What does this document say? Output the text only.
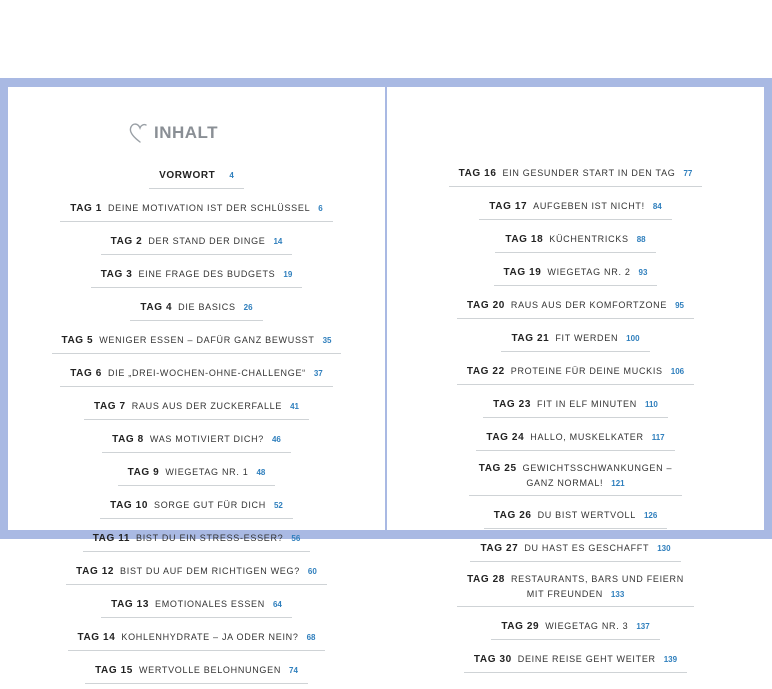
INHALT
VORWORT 4
TAG 1 DEINE MOTIVATION IST DER SCHLÜSSEL 6
TAG 2 DER STAND DER DINGE 14
TAG 3 EINE FRAGE DES BUDGETS 19
TAG 4 DIE BASICS 26
TAG 5 WENIGER ESSEN – DAFÜR GANZ BEWUSST 35
TAG 6 DIE „DREI-WOCHEN-OHNE-CHALLENGE“ 37
TAG 7 RAUS AUS DER ZUCKERFALLE 41
TAG 8 WAS MOTIVIERT DICH? 46
TAG 9 WIEGETAG NR. 1 48
TAG 10 SORGE GUT FÜR DICH 52
TAG 11 BIST DU EIN STRESS-ESSER? 56
TAG 12 BIST DU AUF DEM RICHTIGEN WEG? 60
TAG 13 EMOTIONALES ESSEN 64
TAG 14 KOHLENHYDRATE – JA ODER NEIN? 68
TAG 15 WERTVOLLE BELOHNUNGEN 74
TAG 16 EIN GESUNDER START IN DEN TAG 77
TAG 17 AUFGEBEN IST NICHT! 84
TAG 18 KÜCHENTRICKS 88
TAG 19 WIEGETAG NR. 2 93
TAG 20 RAUS AUS DER KOMFORTZONE 95
TAG 21 FIT WERDEN 100
TAG 22 PROTEINE FÜR DEINE MUCKIS 106
TAG 23 FIT IN ELF MINUTEN 110
TAG 24 HALLO, MUSKELKATER 117
TAG 25 GEWICHTSSCHWANKUNGEN –
GANZ NORMAL! 121
TAG 26 DU BIST WERTVOLL 126
TAG 27 DU HAST ES GESCHAFFT 130
TAG 28 RESTAURANTS, BARS UND FEIERN
MIT FREUNDEN 133
TAG 29 WIEGETAG NR. 3 137
TAG 30 DEINE REISE GEHT WEITER 139
